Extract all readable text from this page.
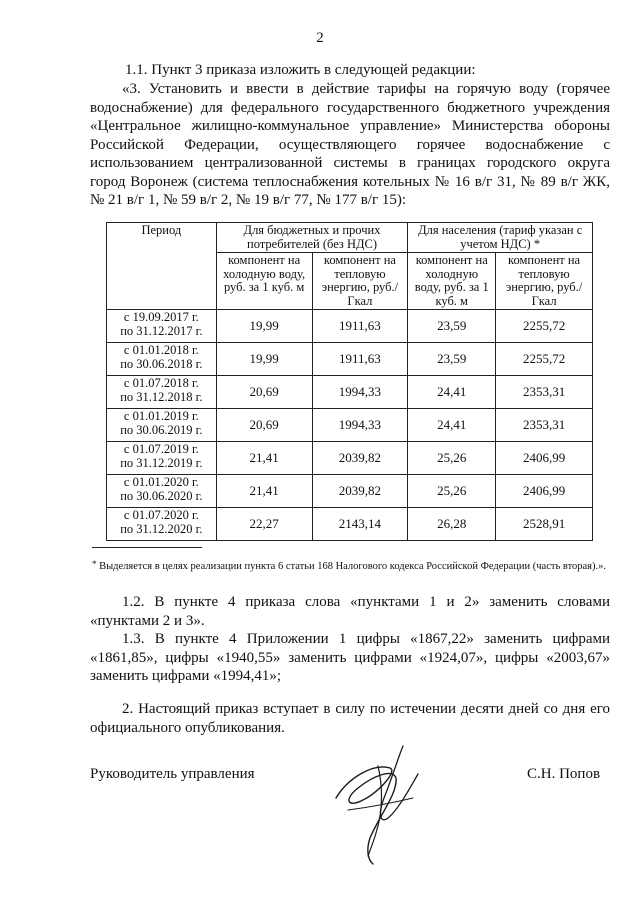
2
1.1. Пункт 3 приказа изложить в следующей редакции:
«3. Установить и ввести в действие тарифы на горячую воду (горячее
водоснабжение) для федерального государственного бюджетного учреждения
«Центральное жилищно-коммунальное управление» Министерства обороны
Российской Федерации, осуществляющего горячее водоснабжение с
использованием централизованной системы в границах городского округа
город Воронеж (система теплоснабжения котельных № 16 в/г 31, № 89 в/г ЖК,
№ 21 в/г 1, № 59 в/г 2, № 19 в/г 77, № 177 в/г 15):
Период	Для бюджетных и прочих потребителей (без НДС)		Для населения (тариф указан с учетом НДС) *	
	компонент на холодную воду, руб. за 1 куб. м	компонент на тепловую энергию, руб./Гкал	компонент на холодную воду, руб. за 1 куб. м	компонент на тепловую энергию, руб./Гкал

с 19.09.2017 г.
по 31.12.2017 г.	19,99	1911,63	23,59	2255,72

с 01.01.2018 г.
по 30.06.2018 г.	19,99	1911,63	23,59	2255,72

с 01.07.2018 г.
по 31.12.2018 г.	20,69	1994,33	24,41	2353,31

с 01.01.2019 г.
по 30.06.2019 г.	20,69	1994,33	24,41	2353,31

с 01.07.2019 г.
по 31.12.2019 г.	21,41	2039,82	25,26	2406,99

с 01.01.2020 г.
по 30.06.2020 г.	21,41	2039,82	25,26	2406,99

с 01.07.2020 г.
по 31.12.2020 г.	22,27	2143,14	26,28	2528,91
* Выделяется в целях реализации пункта 6 статьи 168 Налогового кодекса Российской Федерации (часть вторая).».
1.2. В пункте 4 приказа слова «пунктами 1 и 2» заменить словами
«пунктами 2 и 3».
1.3. В пункте 4 Приложении 1 цифры «1867,22» заменить цифрами
«1861,85», цифры «1940,55» заменить цифрами «1924,07», цифры «2003,67»
заменить цифрами «1994,41»;
2. Настоящий приказ вступает в силу по истечении десяти дней со дня его
официального опубликования.
Руководитель управления	С.Н. Попов
